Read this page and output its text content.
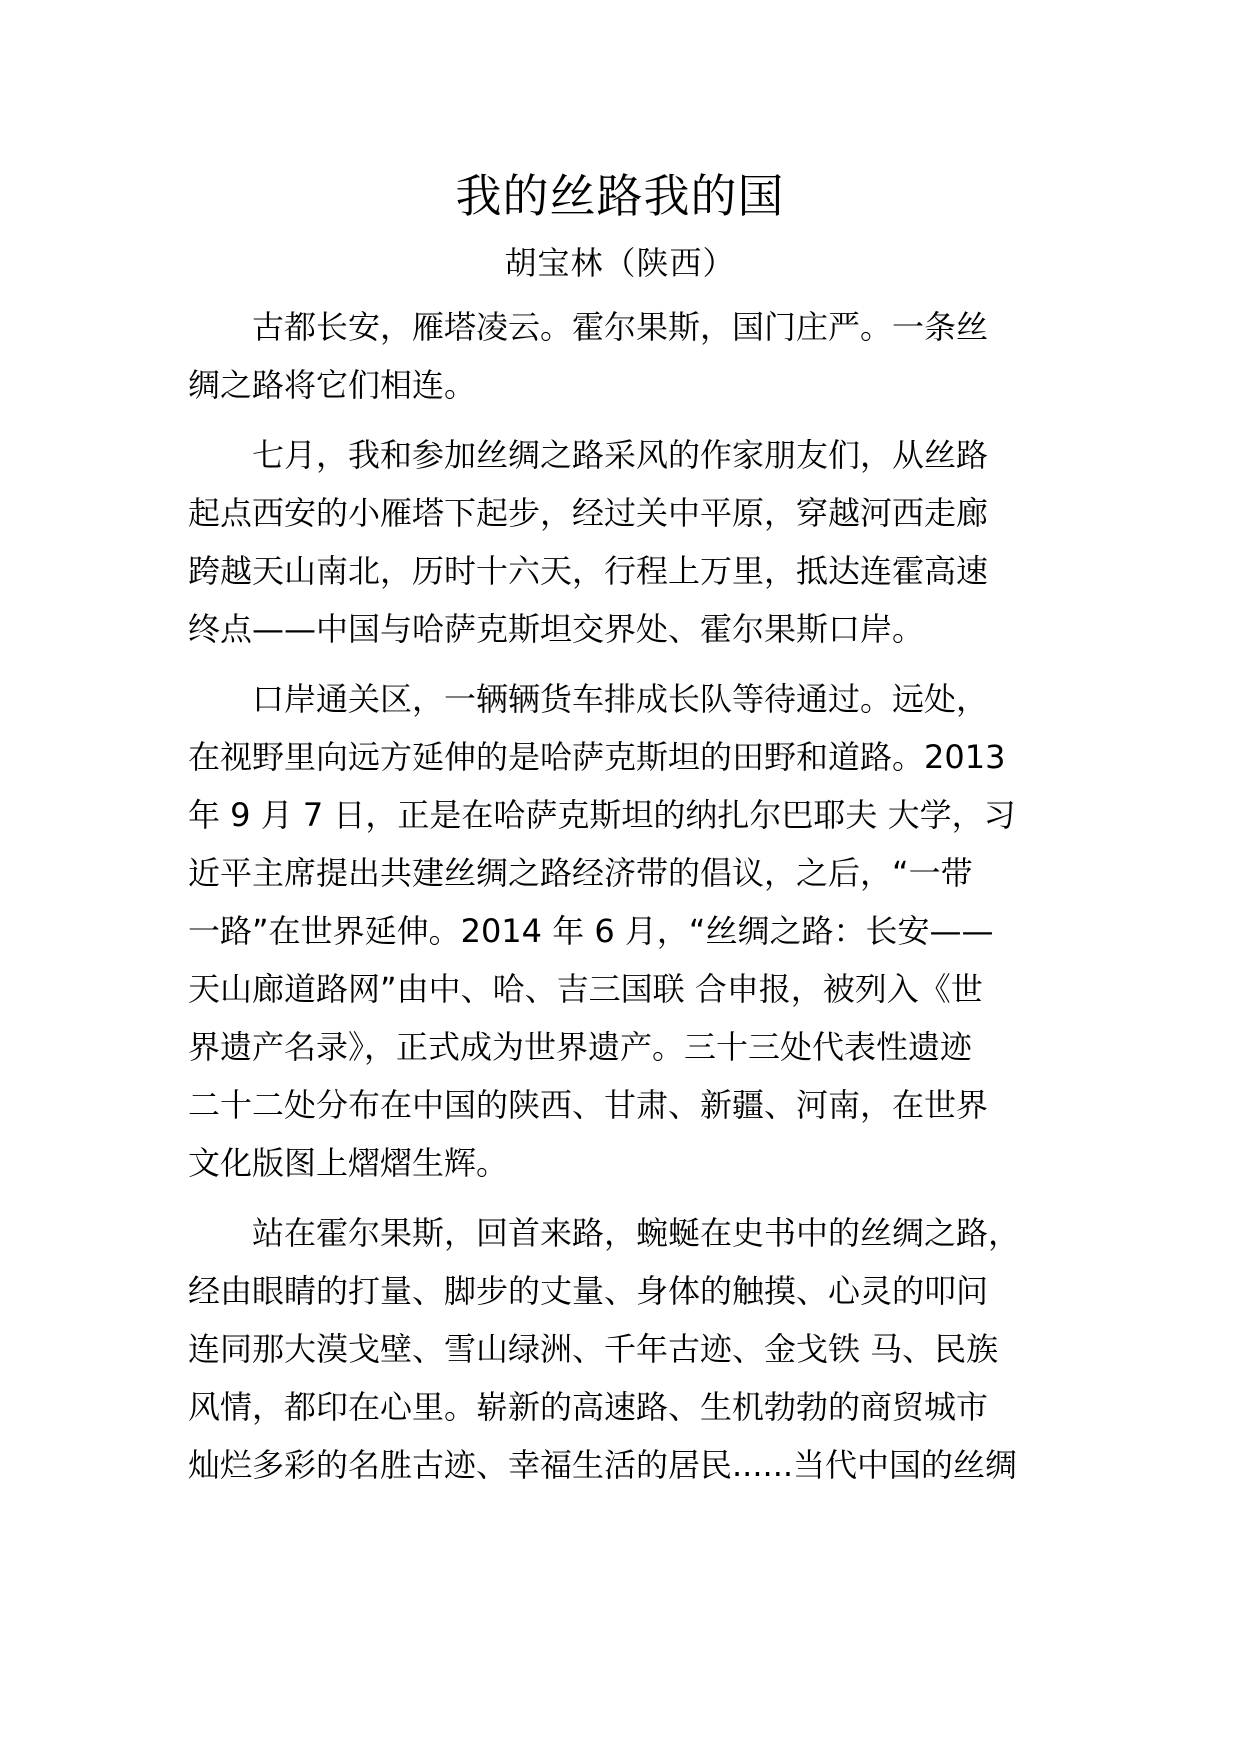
我的丝路我的国
胡宝林（陕西）
　　古都长安，雁塔凌云。霍尔果斯，国门庄严。一条丝
绸之路将它们相连。
　　七月，我和参加丝绸之路采风的作家朋友们，从丝路
起点西安的小雁塔下起步，经过关中平原，穿越河西走廊
跨越天山南北，历时十六天，行程上万里，抵达连霍高速
终点——中国与哈萨克斯坦交界处、霍尔果斯口岸。
　　口岸通关区，一辆辆货车排成长队等待通过。远处，
在视野里向远方延伸的是哈萨克斯坦的田野和道路。2013
年 9 月 7 日，正是在哈萨克斯坦的纳扎尔巴耶夫 大学，习
近平主席提出共建丝绸之路经济带的倡议，之后，“一带
一路”在世界延伸。2014 年 6 月，“丝绸之路：长安——
天山廊道路网”由中、哈、吉三国联 合申报，被列入《世
界遗产名录》，正式成为世界遗产。三十三处代表性遗迹
二十二处分布在中国的陕西、甘肃、新疆、河南，在世界
文化版图上熠熠生辉。
　　站在霍尔果斯，回首来路，蜿蜒在史书中的丝绸之路，
经由眼睛的打量、脚步的丈量、身体的触摸、心灵的叩问
连同那大漠戈壁、雪山绿洲、千年古迹、金戈铁 马、民族
风情，都印在心里。崭新的高速路、生机勃勃的商贸城市
灿烂多彩的名胜古迹、幸福生活的居民......当代中国的丝绸
